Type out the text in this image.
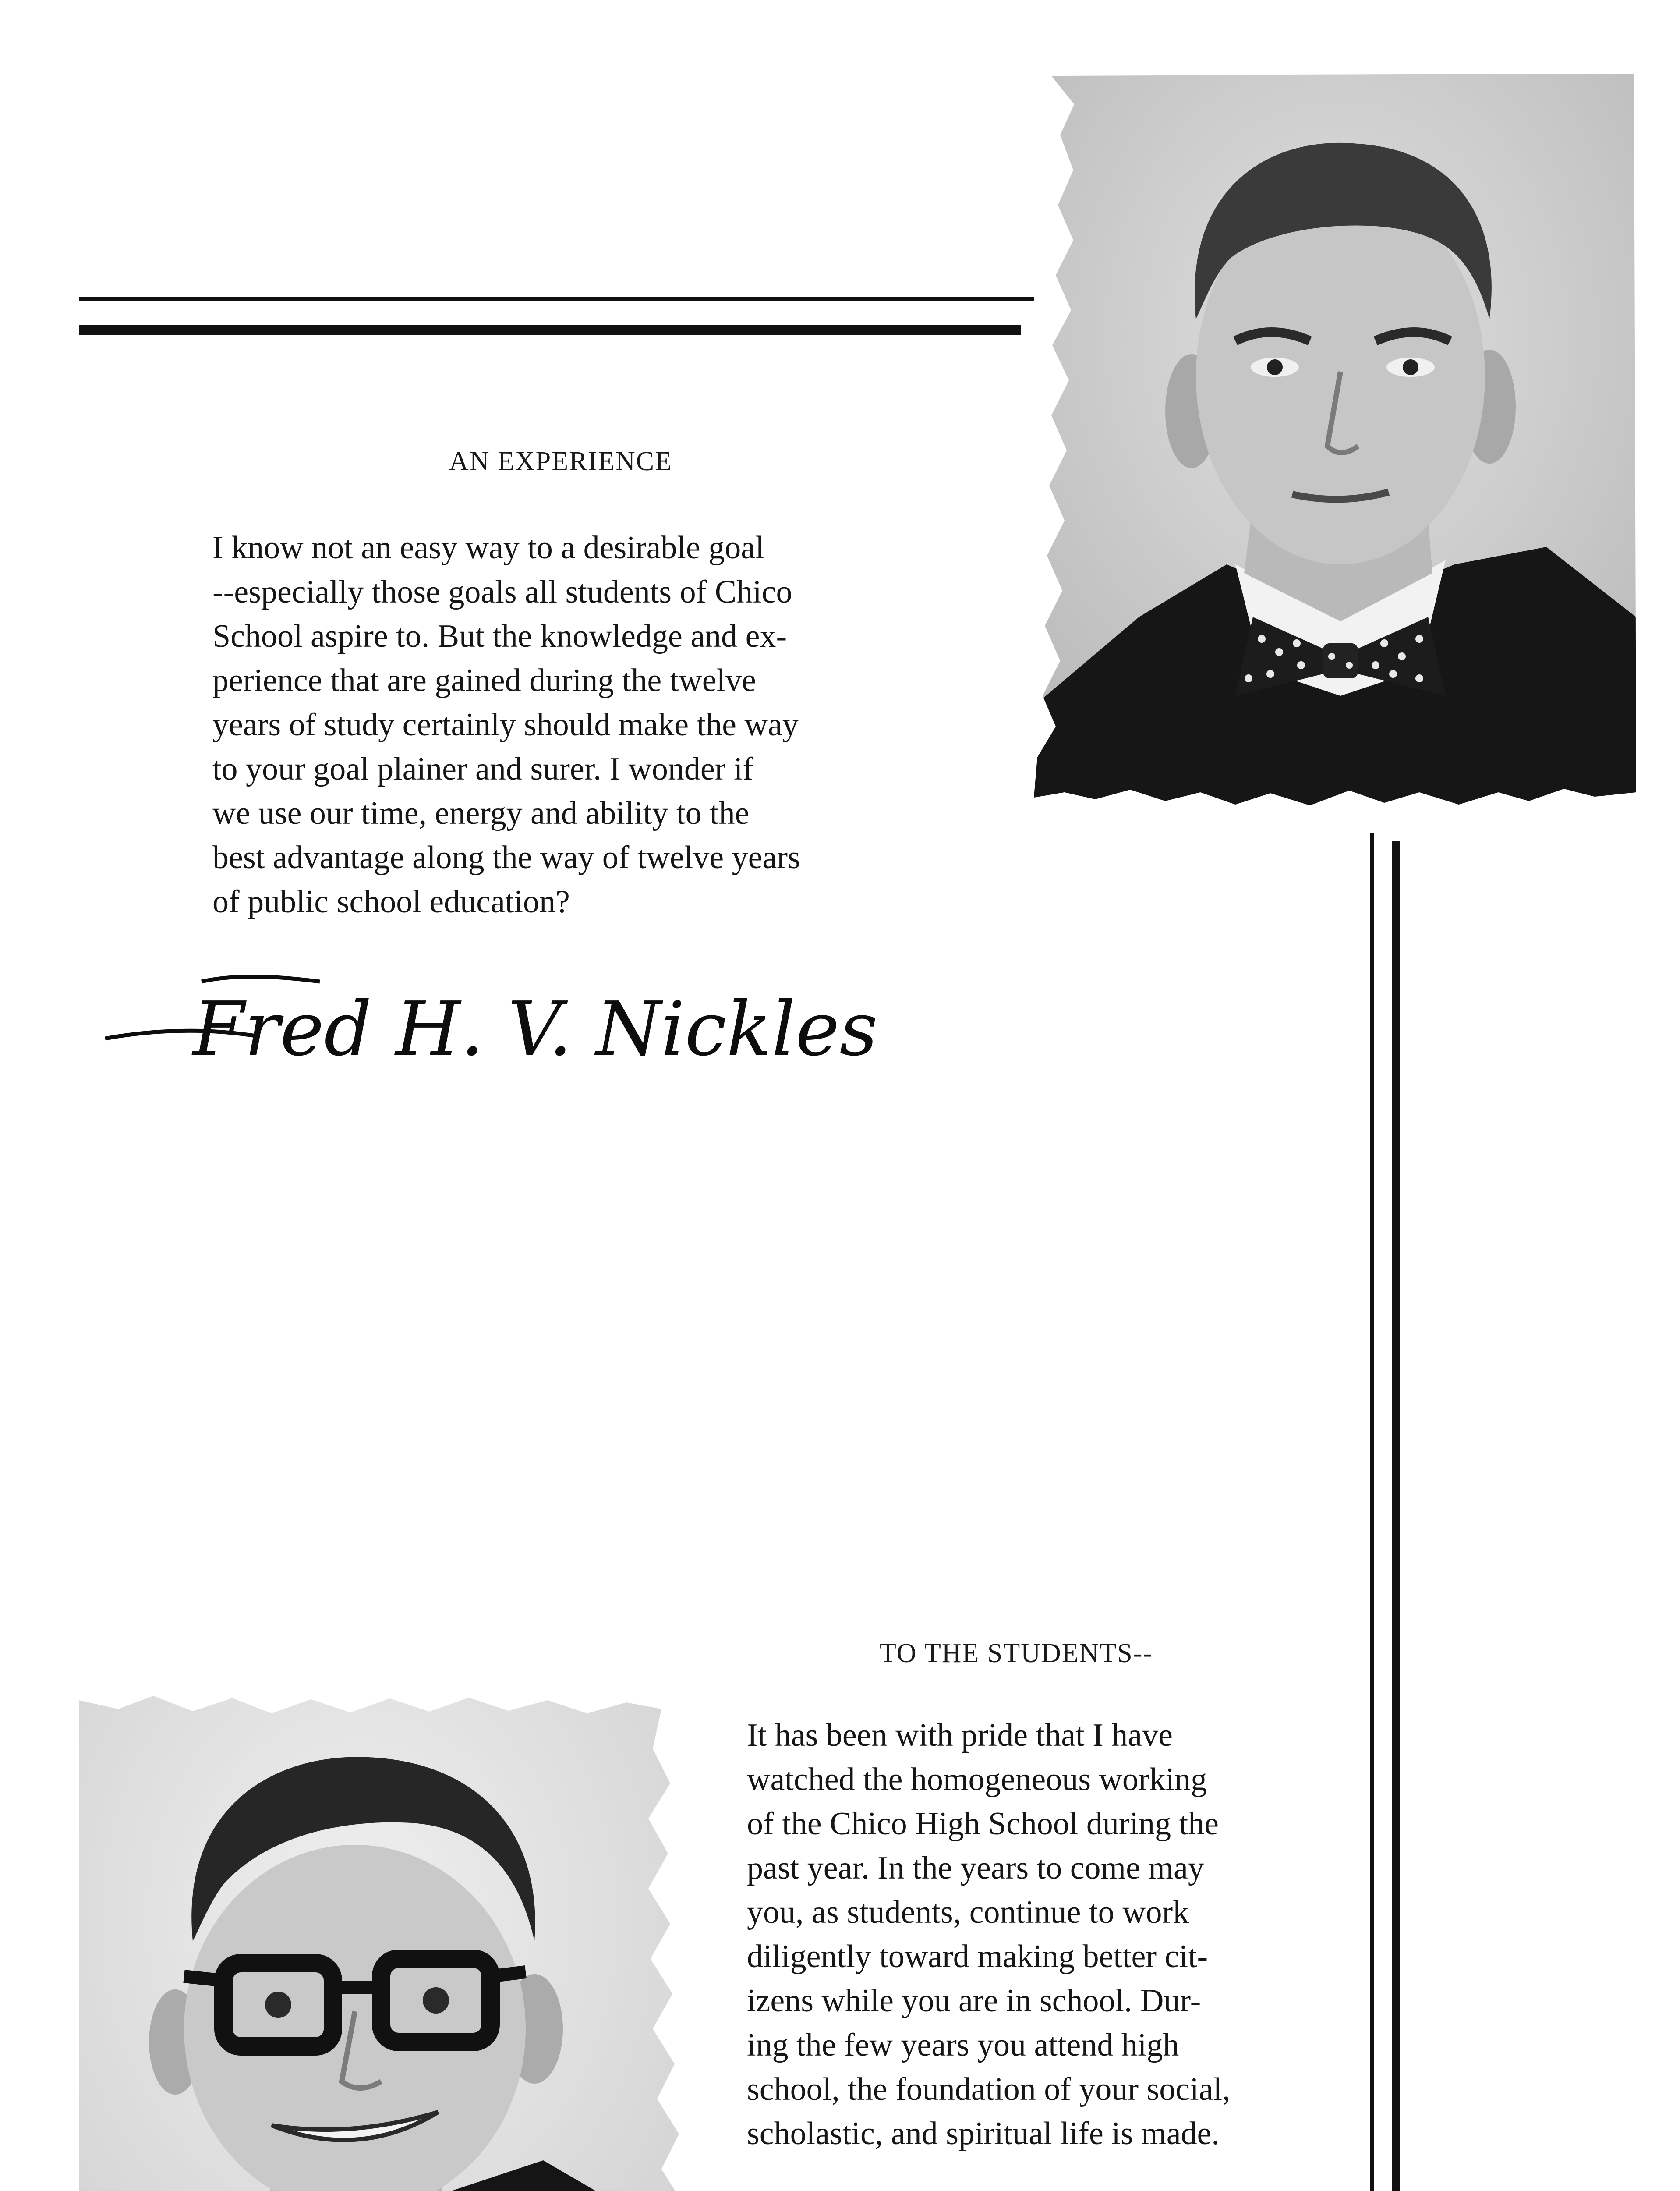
AN EXPERIENCE
I know not an easy way to a desirable goal
--especially those goals all students of Chico
School aspire to. But the knowledge and ex-
perience that are gained during the twelve
years of study certainly should make the way
to your goal plainer and surer. I wonder if
we use our time, energy and ability to the
best advantage along the way of twelve years
of public school education?
Fred H. V. Nickles
TO THE STUDENTS--
It has been with pride that I have
watched the homogeneous working
of the Chico High School during the
past year. In the years to come may
you, as students, continue to work
diligently toward making better cit-
izens while you are in school. Dur-
ing the few years you attend high
school, the foundation of your social,
scholastic, and spiritual life is made.
